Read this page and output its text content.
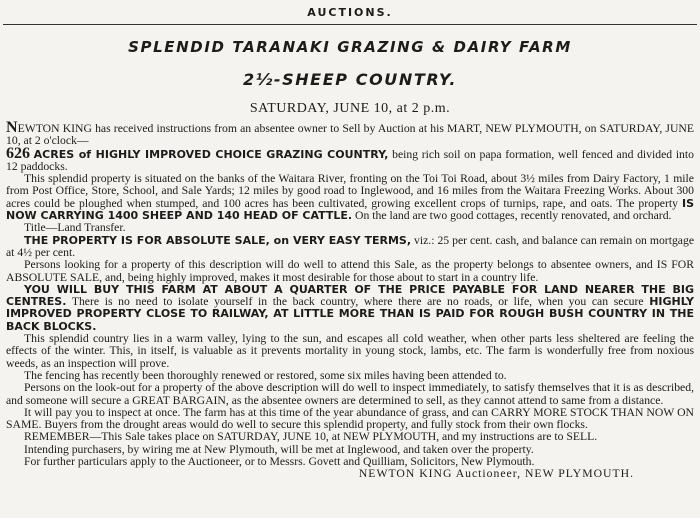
AUCTIONS.
SPLENDID TARANAKI GRAZING & DAIRY FARM
2½-SHEEP COUNTRY.
SATURDAY, JUNE 10, at 2 p.m.

NEWTON KING has received instructions from an absentee owner to Sell by Auction at his MART, NEW PLYMOUTH, on SATURDAY, JUNE 10, at 2 o'clock—
626 ACRES of HIGHLY IMPROVED CHOICE GRAZING COUNTRY, being rich soil on papa formation, well fenced and divided into 12 paddocks.

This splendid property is situated on the banks of the Waitara River, fronting on the Toi Toi Road, about 3½ miles from Dairy Factory, 1 mile from Post Office, Store, School, and Sale Yards; 12 miles by good road to Inglewood, and 16 miles from the Waitara Freezing Works. About 300 acres could be ploughed when stumped, and 100 acres has been cultivated, growing excellent crops of turnips, rape, and oats. The property IS NOW CARRYING 1400 SHEEP AND 140 HEAD OF CATTLE. On the land are two good cottages, recently renovated, and orchard.

Title—Land Transfer.

THE PROPERTY IS FOR ABSOLUTE SALE, on VERY EASY TERMS, viz.: 25 per cent. cash, and balance can remain on mortgage at 4½ per cent.

Persons looking for a property of this description will do well to attend this Sale, as the property belongs to absentee owners, and IS FOR ABSOLUTE SALE, and, being highly improved, makes it most desirable for those about to start in a country life.

YOU WILL BUY THIS FARM AT ABOUT A QUARTER OF THE PRICE PAYABLE FOR LAND NEARER THE BIG CENTRES. There is no need to isolate yourself in the back country, where there are no roads, or life, when you can secure HIGHLY IMPROVED PROPERTY CLOSE TO RAILWAY, AT LITTLE MORE THAN IS PAID FOR ROUGH BUSH COUNTRY IN THE BACK BLOCKS.

This splendid country lies in a warm valley, lying to the sun, and escapes all cold weather, when other parts less sheltered are feeling the effects of the winter. This, in itself, is valuable as it prevents mortality in young stock, lambs, etc. The farm is wonderfully free from noxious weeds, as an inspection will prove.

The fencing has recently been thoroughly renewed or restored, some six miles having been attended to.

Persons on the look-out for a property of the above description will do well to inspect immediately, to satisfy themselves that it is as described, and someone will secure a GREAT BARGAIN, as the absentee owners are determined to sell, as they cannot attend to same from a distance.

It will pay you to inspect at once. The farm has at this time of the year abundance of grass, and can CARRY MORE STOCK THAN NOW ON SAME. Buyers from the drought areas would do well to secure this splendid property, and fully stock from their own flocks.

REMEMBER—This Sale takes place on SATURDAY, JUNE 10, at NEW PLYMOUTH, and my instructions are to SELL.

Intending purchasers, by wiring me at New Plymouth, will be met at Inglewood, and taken over the property.

For further particulars apply to the Auctioneer, or to Messrs. Govett and Quilliam, Solicitors, New Plymouth.

NEWTON KING Auctioneer, NEW PLYMOUTH.
